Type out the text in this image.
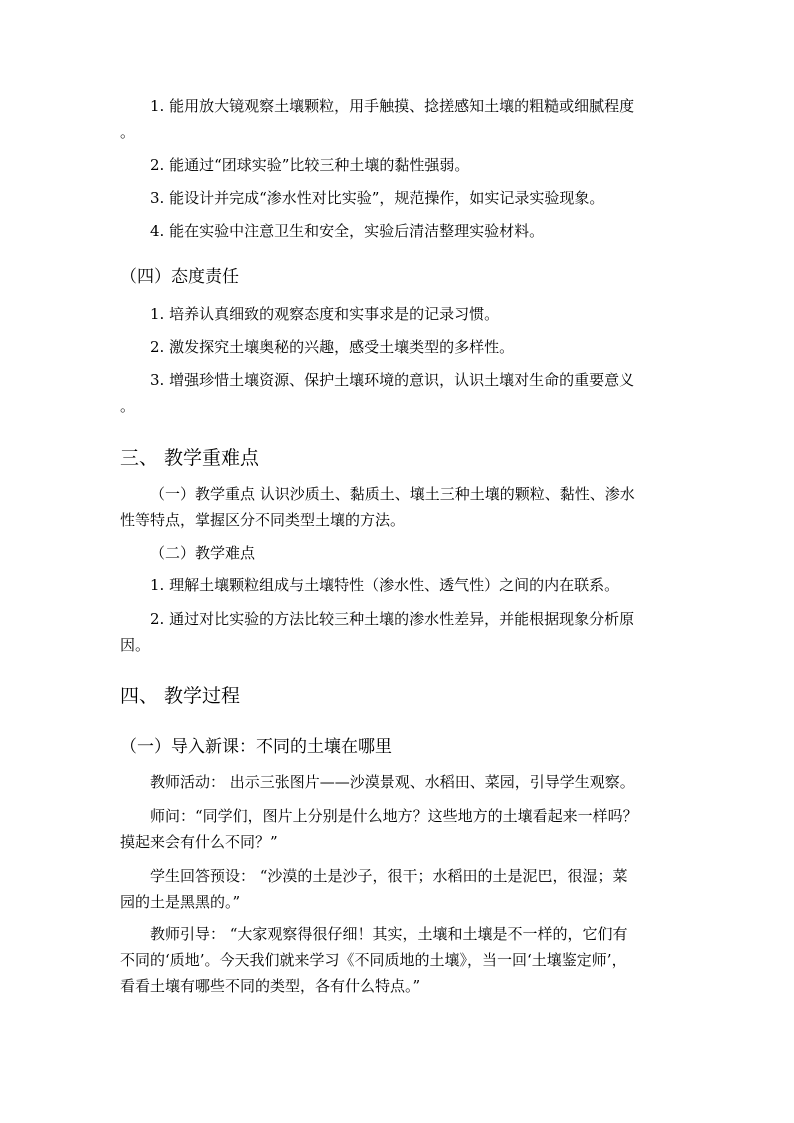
1. 能用放大镜观察土壤颗粒，用手触摸、捻搓感知土壤的粗糙或细腻程度
。
2. 能通过“团球实验”比较三种土壤的黏性强弱。
3. 能设计并完成“渗水性对比实验”，规范操作，如实记录实验现象。
4. 能在实验中注意卫生和安全，实验后清洁整理实验材料。
（四）态度责任
1. 培养认真细致的观察态度和实事求是的记录习惯。
2. 激发探究土壤奥秘的兴趣，感受土壤类型的多样性。
3. 增强珍惜土壤资源、保护土壤环境的意识，认识土壤对生命的重要意义
。
三、 教学重难点
（一）教学重点 认识沙质土、黏质土、壤土三种土壤的颗粒、黏性、渗水
性等特点，掌握区分不同类型土壤的方法。
（二）教学难点
1. 理解土壤颗粒组成与土壤特性（渗水性、透气性）之间的内在联系。
2. 通过对比实验的方法比较三种土壤的渗水性差异，并能根据现象分析原
因。
四、 教学过程
（一）导入新课：不同的土壤在哪里
教师活动： 出示三张图片——沙漠景观、水稻田、菜园，引导学生观察。
师问：“同学们，图片上分别是什么地方？这些地方的土壤看起来一样吗？
摸起来会有什么不同？”
学生回答预设： “沙漠的土是沙子，很干；水稻田的土是泥巴，很湿；菜
园的土是黑黑的。”
教师引导： “大家观察得很仔细！其实，土壤和土壤是不一样的，它们有
不同的‘质地’。今天我们就来学习《不同质地的土壤》，当一回‘土壤鉴定师’，
看看土壤有哪些不同的类型，各有什么特点。”
